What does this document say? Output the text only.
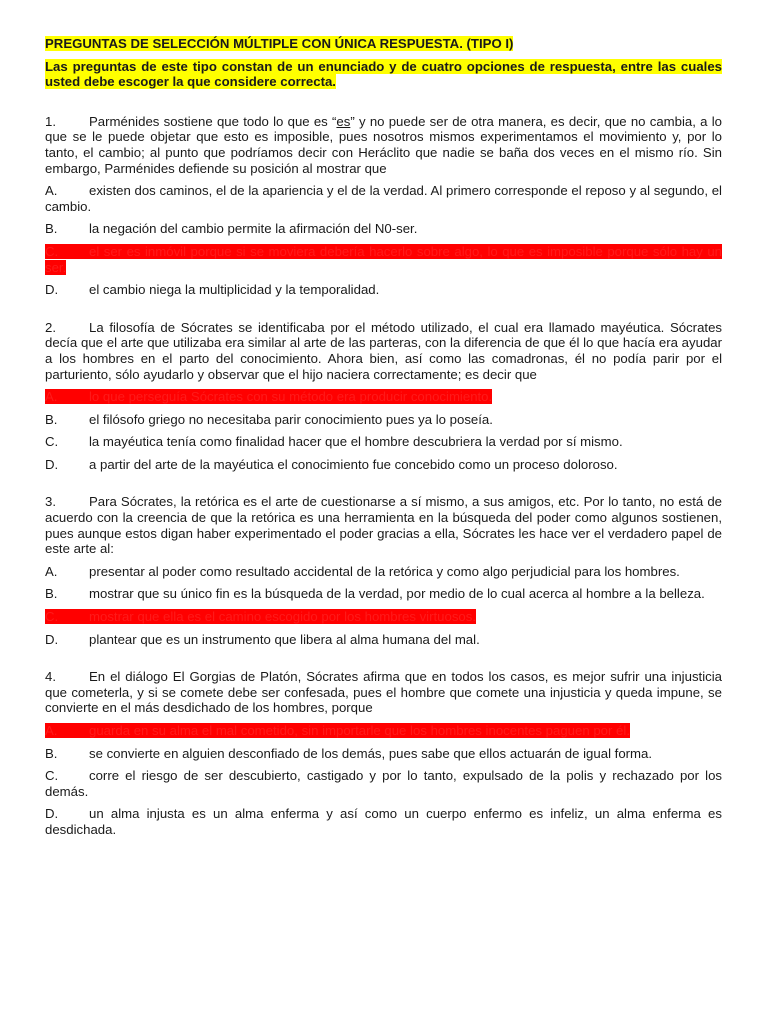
PREGUNTAS DE SELECCIÓN MÚLTIPLE CON ÚNICA RESPUESTA. (TIPO I)

Las preguntas de este tipo constan de un enunciado y de cuatro opciones de respuesta, entre las cuales usted debe escoger la que considere correcta.

1.	Parménides sostiene que todo lo que es “es” y no puede ser de otra manera, es decir, que no cambia, a lo que se le puede objetar que esto es imposible, pues nosotros mismos experimentamos el movimiento y, por lo tanto, el cambio; al punto que podríamos decir con Heráclito que nadie se baña dos veces en el mismo río. Sin embargo, Parménides defiende su posición al mostrar que

A. existen dos caminos, el de la apariencia y el de la verdad. Al primero corresponde el reposo y al segundo, el cambio.

B. la negación del cambio permite la afirmación del N0-ser.

C. el ser es inmóvil porque si se moviera debería hacerlo sobre algo, lo que es imposible porque sólo hay un ser.

D. el cambio niega la multiplicidad y la temporalidad.

2.	La filosofía de Sócrates se identificaba por el método utilizado, el cual era llamado mayéutica. Sócrates decía que el arte que utilizaba era similar al arte de las parteras, con la diferencia de que él lo que hacía era ayudar a los hombres en el parto del conocimiento. Ahora bien, así como las comadronas, él no podía parir por el parturiento, sólo ayudarlo y observar que el hijo naciera correctamente; es decir que

A. lo que perseguía Sócrates con su método era producir conocimiento.

B. el filósofo griego no necesitaba parir conocimiento pues ya lo poseía.

C. la mayéutica tenía como finalidad hacer que el hombre descubriera la verdad por sí mismo.

D. a partir del arte de la mayéutica el conocimiento fue concebido como un proceso doloroso.

3.	Para Sócrates, la retórica es el arte de cuestionarse a sí mismo, a sus amigos, etc. Por lo tanto, no está de acuerdo con la creencia de que la retórica es una herramienta en la búsqueda del poder como algunos sostienen, pues aunque estos digan haber experimentado el poder gracias a ella, Sócrates les hace ver el verdadero papel de este arte al:

A. presentar al poder como resultado accidental de la retórica y como algo perjudicial para los hombres.

B. mostrar que su único fin es la búsqueda de la verdad, por medio de lo cual acerca al hombre a la belleza.

C. mostrar que ella es el camino escogido por los hombres virtuosos.

D. plantear que es un instrumento que libera al alma humana del mal.

4.	En el diálogo El Gorgias de Platón, Sócrates afirma que en todos los casos, es mejor sufrir una injusticia que cometerla, y si se comete debe ser confesada, pues el hombre que comete una injusticia y queda impune, se convierte en el más desdichado de los hombres, porque

A. guarda en su alma el mal cometido, sin importarle que los hombres inocentes paguen por él.

B. se convierte en alguien desconfiado de los demás, pues sabe que ellos actuarán de igual forma.

C. corre el riesgo de ser descubierto, castigado y por lo tanto, expulsado de la polis y rechazado por los demás.

D. un alma injusta es un alma enferma y así como un cuerpo enfermo es infeliz, un alma enferma es desdichada.
